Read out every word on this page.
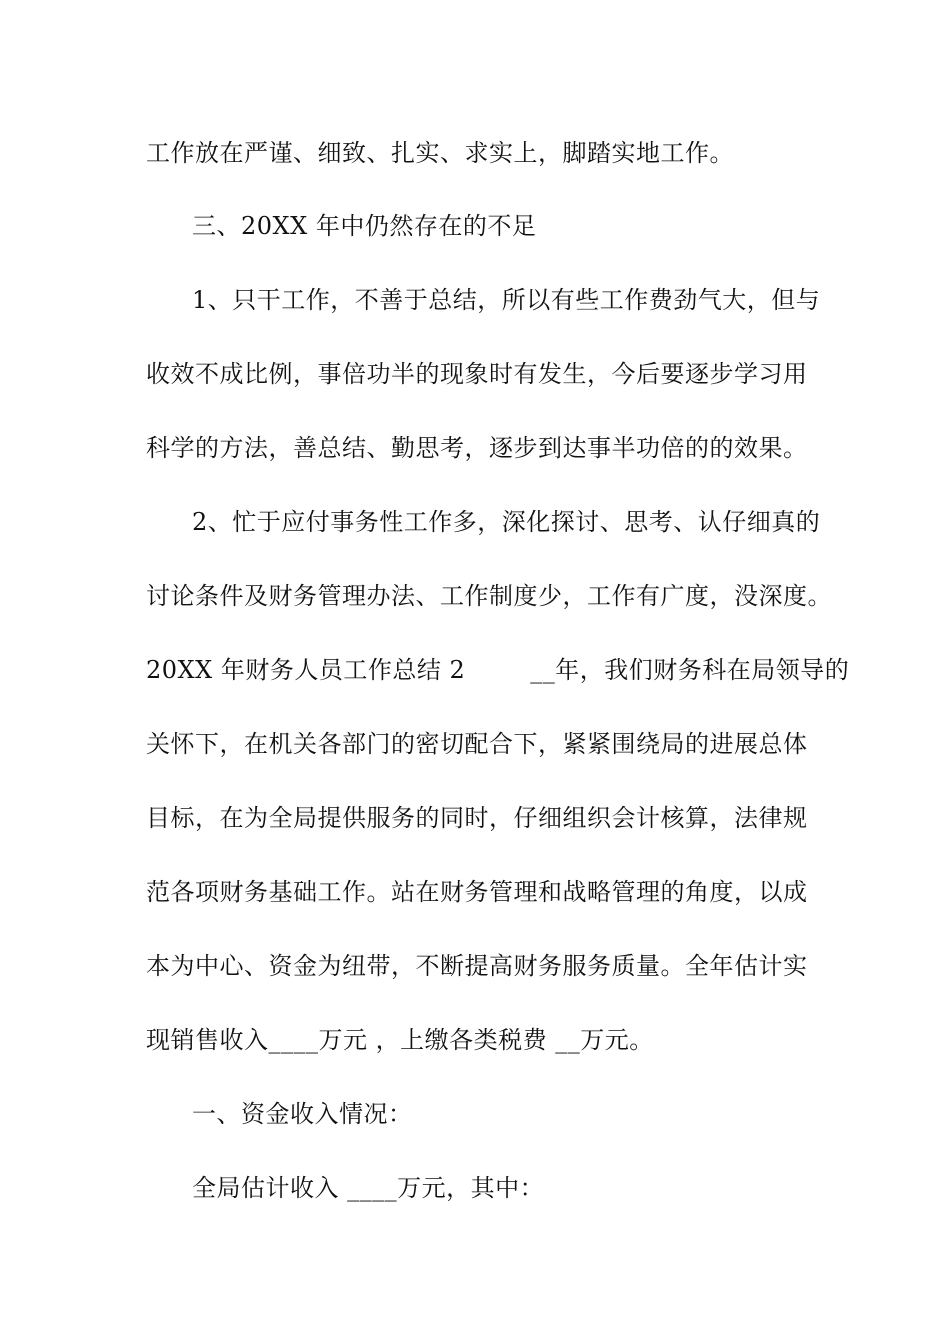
工作放在严谨、细致、扎实、求实上，脚踏实地工作。
三、20XX 年中仍然存在的不足
1、只干工作，不善于总结，所以有些工作费劲气大，但与
收效不成比例，事倍功半的现象时有发生，今后要逐步学习用
科学的方法，善总结、勤思考，逐步到达事半功倍的的效果。
2、忙于应付事务性工作多，深化探讨、思考、认仔细真的
讨论条件及财务管理办法、工作制度少，工作有广度，没深度。
20XX 年财务人员工作总结 2        __年，我们财务科在局领导的
关怀下，在机关各部门的密切配合下，紧紧围绕局的进展总体
目标，在为全局提供服务的同时，仔细组织会计核算，法律规
范各项财务基础工作。站在财务管理和战略管理的角度，以成
本为中心、资金为纽带，不断提高财务服务质量。全年估计实
现销售收入____万元 ，上缴各类税费 __万元。
一、资金收入情况：
全局估计收入 ____万元，其中：
